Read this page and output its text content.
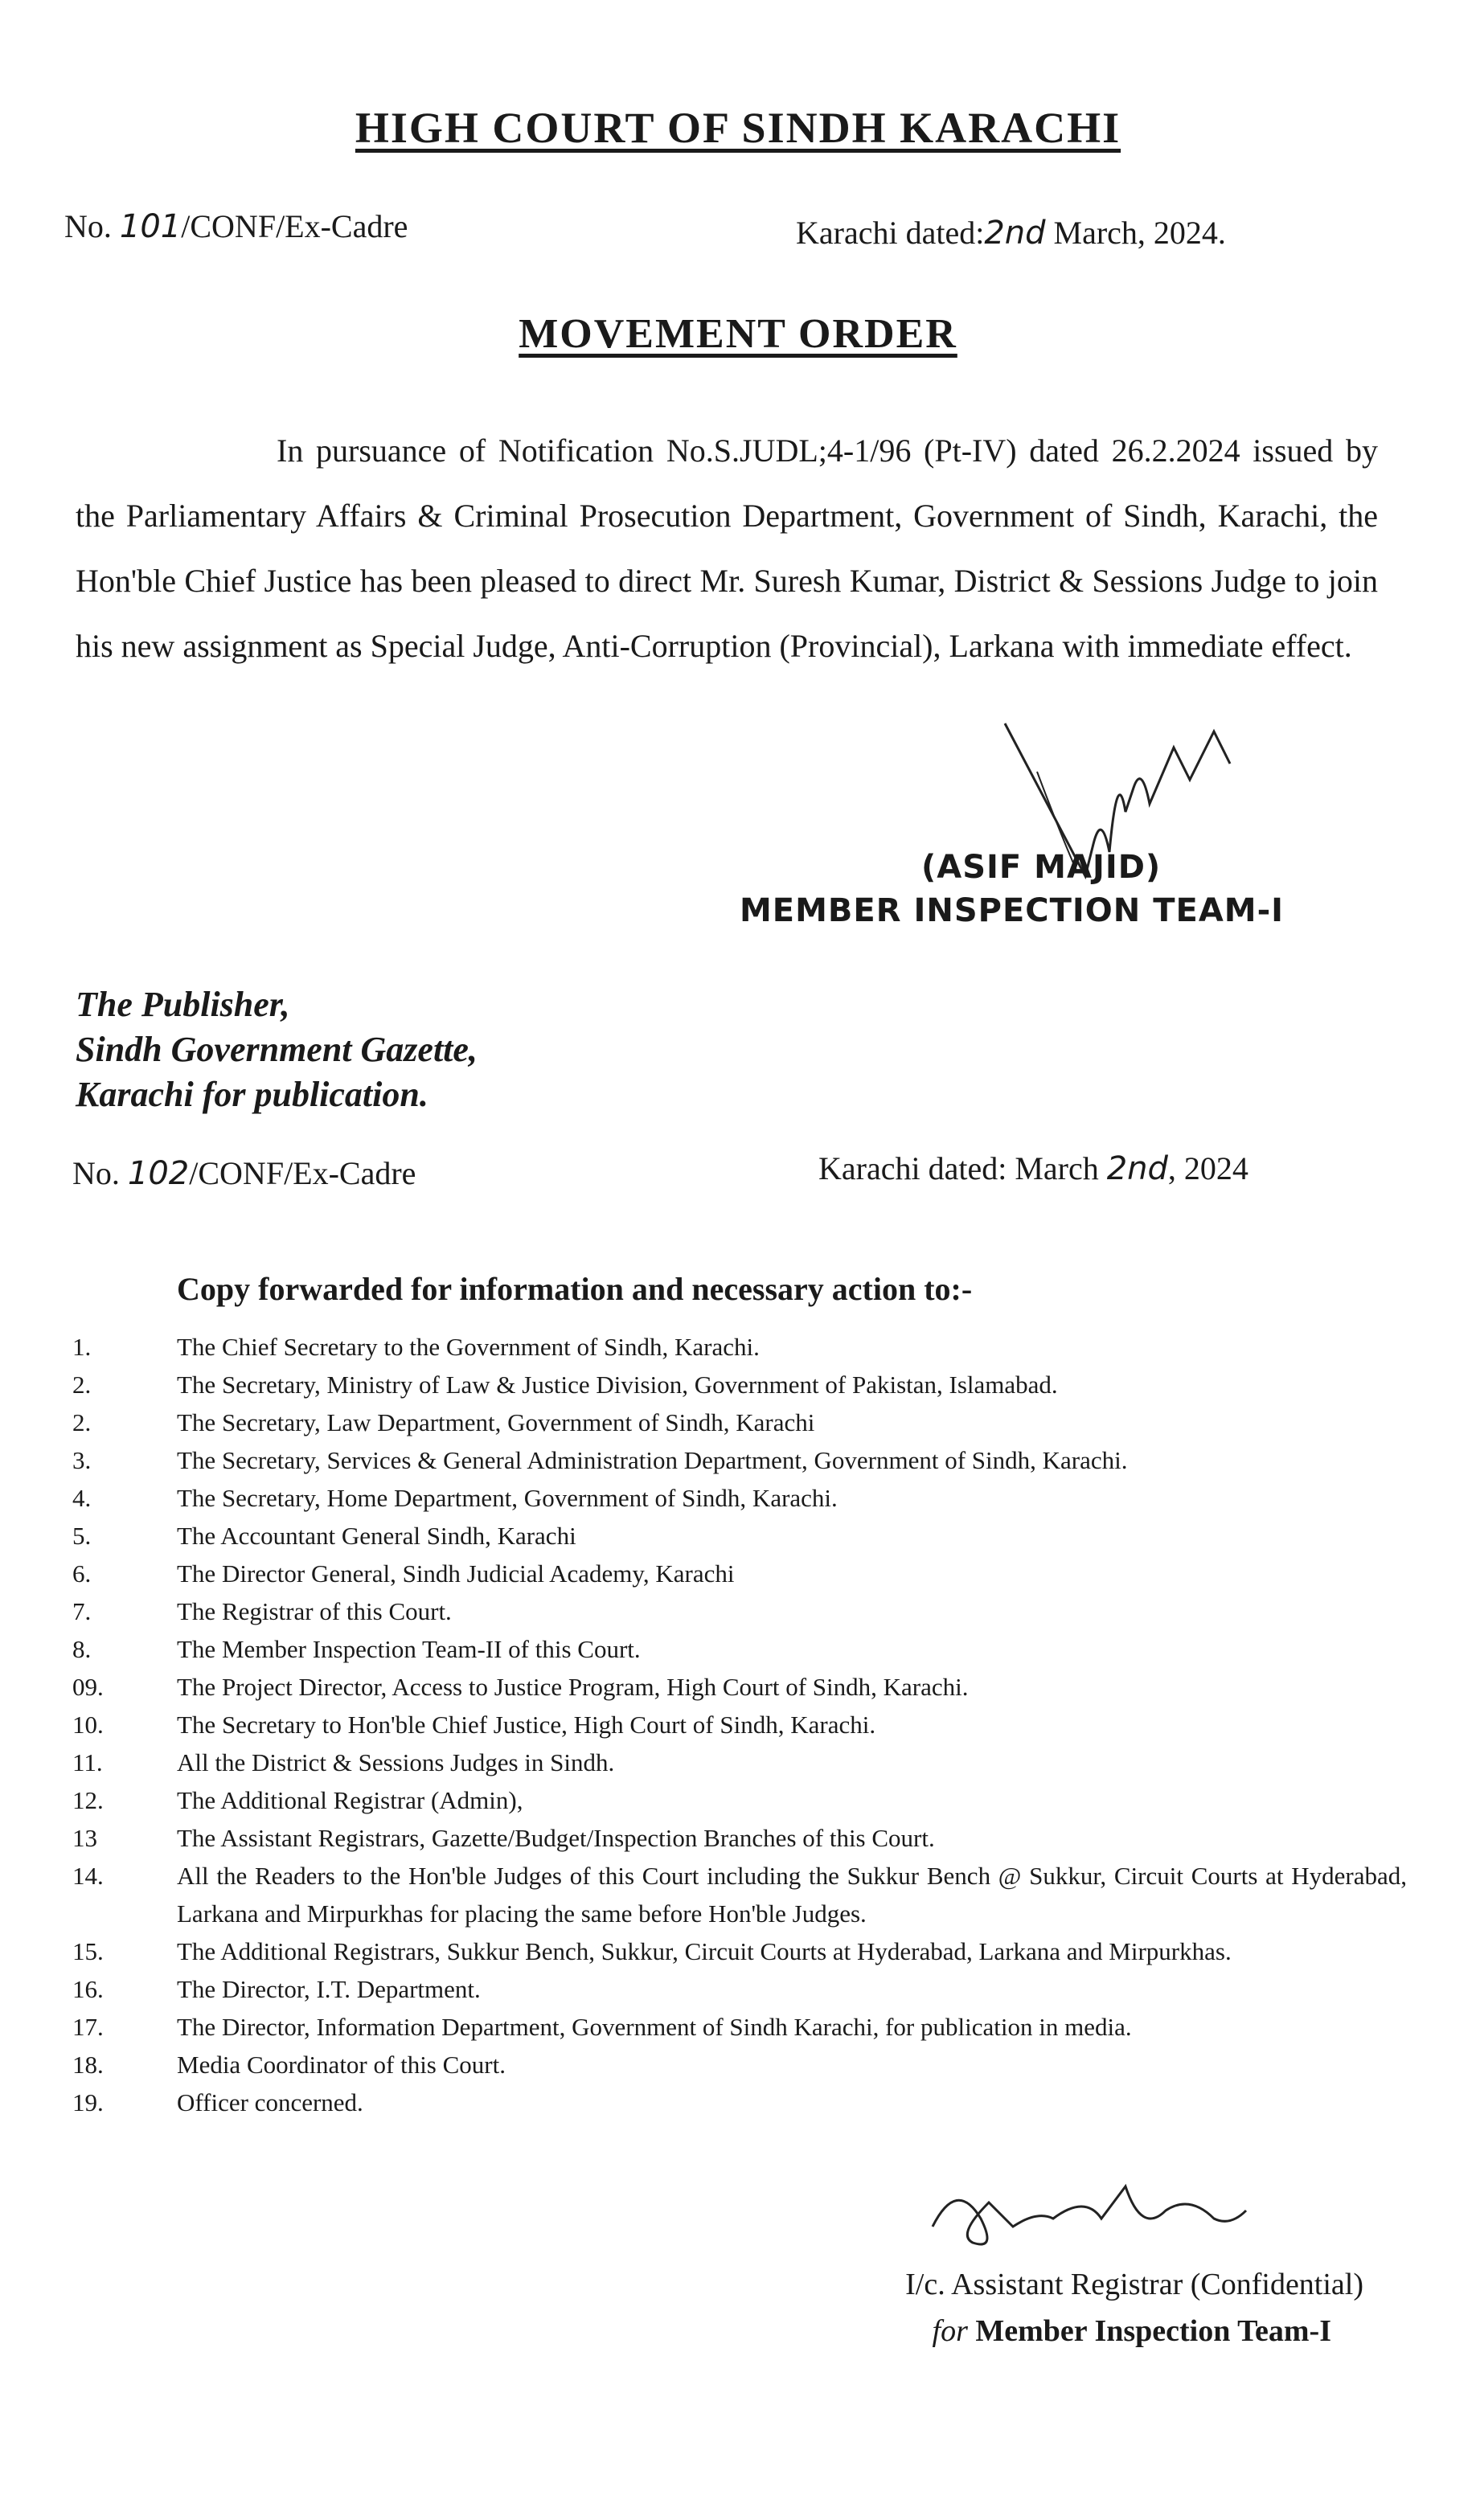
HIGH COURT OF SINDH KARACHI
No. 101/CONF/Ex-Cadre	Karachi dated:2nd March, 2024.
MOVEMENT ORDER
In pursuance of Notification No.S.JUDL;4-1/96 (Pt-IV) dated 26.2.2024 issued by the Parliamentary Affairs & Criminal Prosecution Department, Government of Sindh, Karachi, the Hon'ble Chief Justice has been pleased to direct Mr. Suresh Kumar, District & Sessions Judge to join his new assignment as Special Judge, Anti-Corruption (Provincial), Larkana with immediate effect.
(ASIF MAJID)
MEMBER INSPECTION TEAM-I
The Publisher,
Sindh Government Gazette,
Karachi for publication.
No. 102/CONF/Ex-Cadre	Karachi dated: March 2nd, 2024
Copy forwarded for information and necessary action to:-
1.	The Chief Secretary to the Government of Sindh, Karachi.
2.	The Secretary, Ministry of Law & Justice Division, Government of Pakistan, Islamabad.
2.	The Secretary, Law Department, Government of Sindh, Karachi
3.	The Secretary, Services & General Administration Department, Government of Sindh, Karachi.
4.	The Secretary, Home Department, Government of Sindh, Karachi.
5.	The Accountant General Sindh, Karachi
6.	The Director General, Sindh Judicial Academy, Karachi
7.	The Registrar of this Court.
8.	The Member Inspection Team-II of this Court.
09.	The Project Director, Access to Justice Program, High Court of Sindh, Karachi.
10.	The Secretary to Hon'ble Chief Justice, High Court of Sindh, Karachi.
11.	All the District & Sessions Judges in Sindh.
12.	The Additional Registrar (Admin),
13	The Assistant Registrars, Gazette/Budget/Inspection Branches of this Court.
14.	All the Readers to the Hon'ble Judges of this Court including the Sukkur Bench @ Sukkur, Circuit Courts at Hyderabad, Larkana and Mirpurkhas for placing the same before Hon'ble Judges.
15.	The Additional Registrars, Sukkur Bench, Sukkur, Circuit Courts at Hyderabad, Larkana and Mirpurkhas.
16.	The Director, I.T. Department.
17.	The Director, Information Department, Government of Sindh Karachi, for publication in media.
18.	Media Coordinator of this Court.
19.	Officer concerned.
I/c. Assistant Registrar (Confidential)
for Member Inspection Team-I
